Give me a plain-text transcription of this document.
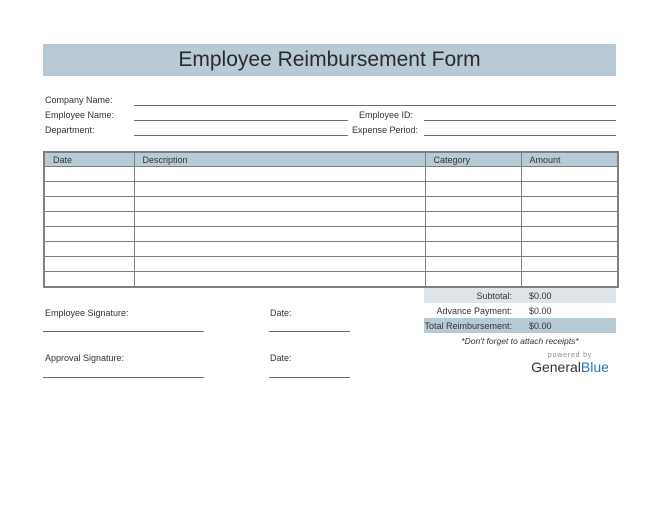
Employee Reimbursement Form
Company Name:
Employee Name:
Department:
Employee ID:
Expense Period:
Date	Description	Category	Amount

Subtotal:	$0.00
Advance Payment:	$0.00
Total Reimbursement:	$0.00
Employee Signature:	Date:
Approval Signature:	Date:
*Don't forget to attach receipts*
powered by
GeneralBlue
